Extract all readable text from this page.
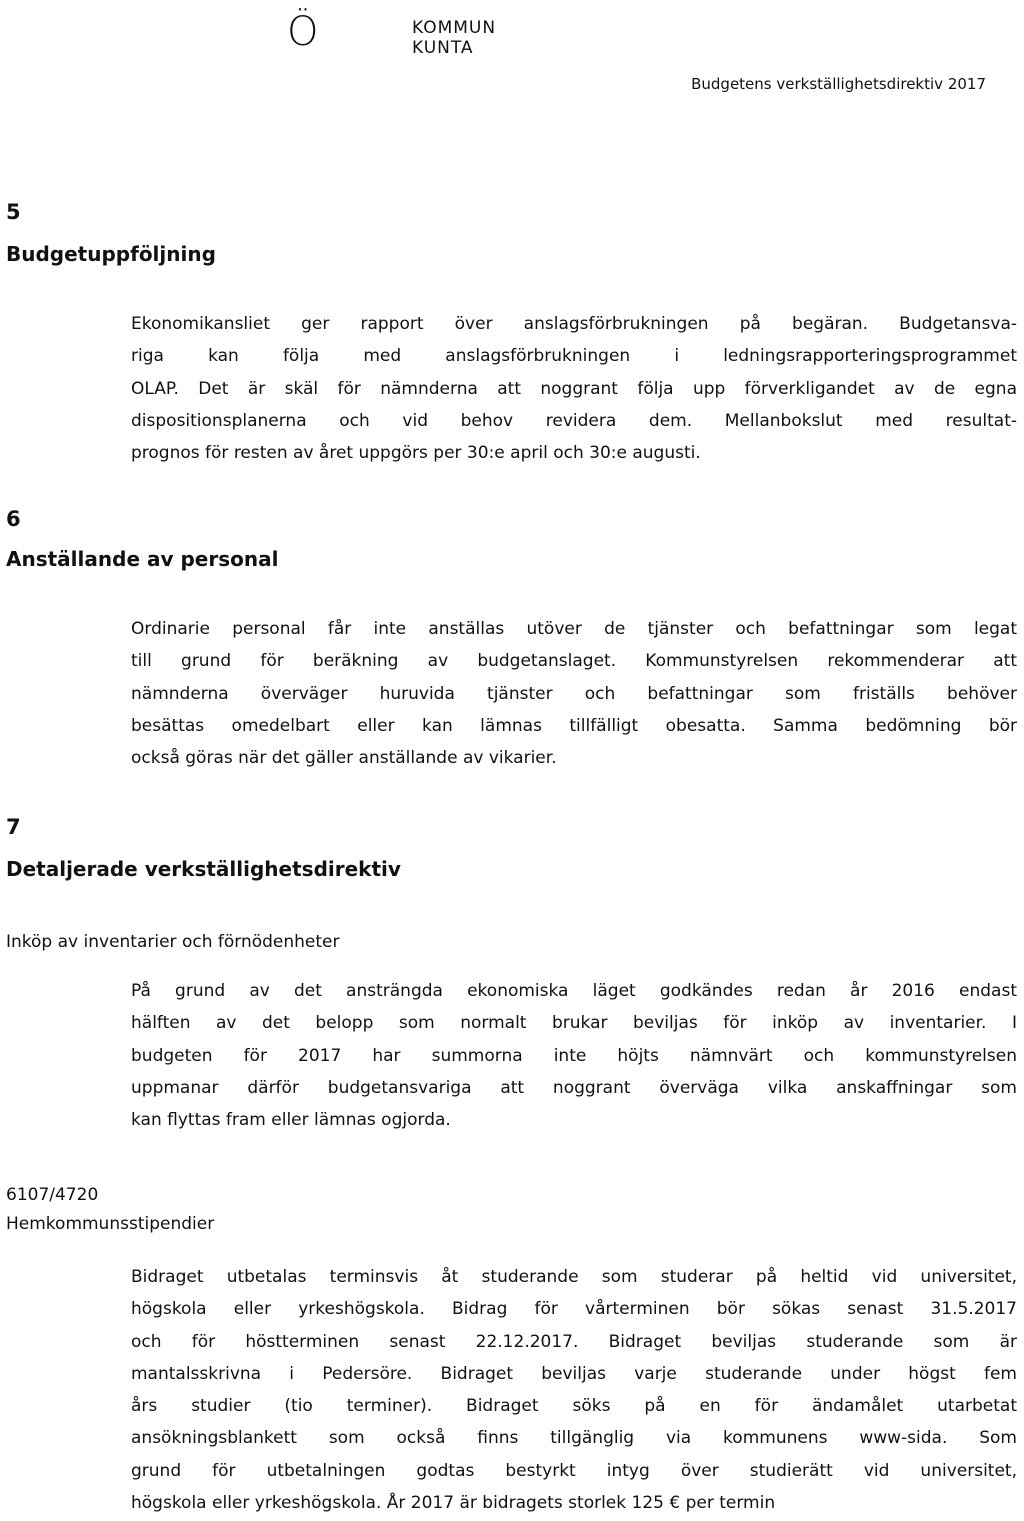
Ö	KOMMUN
KUNTA
Budgetens verkställighetsdirektiv 2017
5
Budgetuppföljning
Ekonomikansliet ger rapport över anslagsförbrukningen på begäran. Budgetansva-
riga kan följa med anslagsförbrukningen i ledningsrapporteringsprogrammet
OLAP. Det är skäl för nämnderna att noggrant följa upp förverkligandet av de egna
dispositionsplanerna och vid behov revidera dem. Mellanbokslut med resultat-
prognos för resten av året uppgörs per 30:e april och 30:e augusti.
6
Anställande av personal
Ordinarie personal får inte anställas utöver de tjänster och befattningar som legat
till grund för beräkning av budgetanslaget. Kommunstyrelsen rekommenderar att
nämnderna överväger huruvida tjänster och befattningar som friställs behöver
besättas omedelbart eller kan lämnas tillfälligt obesatta. Samma bedömning bör
också göras när det gäller anställande av vikarier.
7
Detaljerade verkställighetsdirektiv
Inköp av inventarier och förnödenheter
På grund av det ansträngda ekonomiska läget godkändes redan år 2016 endast
hälften av det belopp som normalt brukar beviljas för inköp av inventarier. I
budgeten för 2017 har summorna inte höjts nämnvärt och kommunstyrelsen
uppmanar därför budgetansvariga att noggrant överväga vilka anskaffningar som
kan flyttas fram eller lämnas ogjorda.
6107/4720
Hemkommunsstipendier
Bidraget utbetalas terminsvis åt studerande som studerar på heltid vid universitet,
högskola eller yrkeshögskola. Bidrag för vårterminen bör sökas senast 31.5.2017
och för höstterminen senast 22.12.2017. Bidraget beviljas studerande som är
mantalsskrivna i Pedersöre. Bidraget beviljas varje studerande under högst fem
års studier (tio terminer). Bidraget söks på en för ändamålet utarbetat
ansökningsblankett som också finns tillgänglig via kommunens www-sida. Som
grund för utbetalningen godtas bestyrkt intyg över studierätt vid universitet,
högskola eller yrkeshögskola. År 2017 är bidragets storlek 125 € per termin
